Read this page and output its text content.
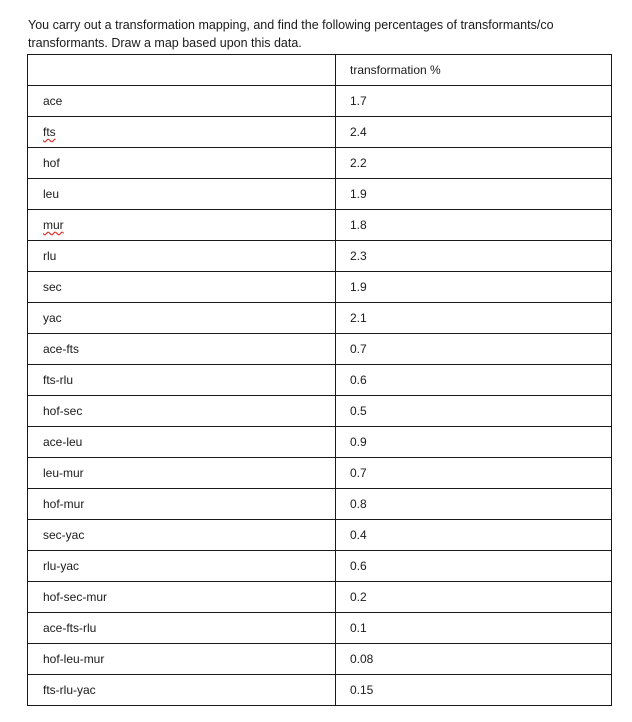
You carry out a transformation mapping, and find the following percentages of transformants/co transformants. Draw a map based upon this data.
	transformation %
ace	1.7
fts	2.4
hof	2.2
leu	1.9
mur	1.8
rlu	2.3
sec	1.9
yac	2.1
ace-fts	0.7
fts-rlu	0.6
hof-sec	0.5
ace-leu	0.9
leu-mur	0.7
hof-mur	0.8
sec-yac	0.4
rlu-yac	0.6
hof-sec-mur	0.2
ace-fts-rlu	0.1
hof-leu-mur	0.08
fts-rlu-yac	0.15
